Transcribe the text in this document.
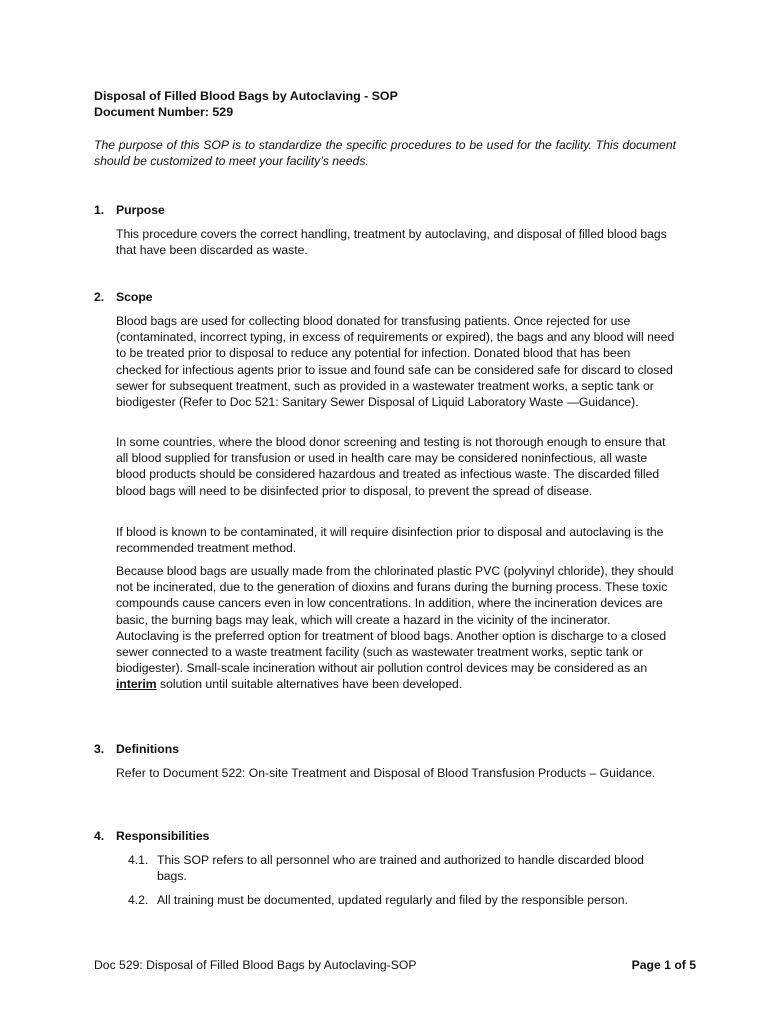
Disposal of Filled Blood Bags by Autoclaving - SOP
Document Number: 529
The purpose of this SOP is to standardize the specific procedures to be used for the facility. This document should be customized to meet your facility’s needs.
1. Purpose
This procedure covers the correct handling, treatment by autoclaving, and disposal of filled blood bags that have been discarded as waste.
2. Scope
Blood bags are used for collecting blood donated for transfusing patients. Once rejected for use (contaminated, incorrect typing, in excess of requirements or expired), the bags and any blood will need to be treated prior to disposal to reduce any potential for infection. Donated blood that has been checked for infectious agents prior to issue and found safe can be considered safe for discard to closed sewer for subsequent treatment, such as provided in a wastewater treatment works, a septic tank or biodigester (Refer to Doc 521: Sanitary Sewer Disposal of Liquid Laboratory Waste —Guidance).
In some countries, where the blood donor screening and testing is not thorough enough to ensure that all blood supplied for transfusion or used in health care may be considered noninfectious, all waste blood products should be considered hazardous and treated as infectious waste. The discarded filled blood bags will need to be disinfected prior to disposal, to prevent the spread of disease.
If blood is known to be contaminated, it will require disinfection prior to disposal and autoclaving is the recommended treatment method.
Because blood bags are usually made from the chlorinated plastic PVC (polyvinyl chloride), they should not be incinerated, due to the generation of dioxins and furans during the burning process. These toxic compounds cause cancers even in low concentrations. In addition, where the incineration devices are basic, the burning bags may leak, which will create a hazard in the vicinity of the incinerator. Autoclaving is the preferred option for treatment of blood bags. Another option is discharge to a closed sewer connected to a waste treatment facility (such as wastewater treatment works, septic tank or biodigester). Small-scale incineration without air pollution control devices may be considered as an interim solution until suitable alternatives have been developed.
3. Definitions
Refer to Document 522: On-site Treatment and Disposal of Blood Transfusion Products – Guidance.
4. Responsibilities
4.1. This SOP refers to all personnel who are trained and authorized to handle discarded blood bags.
4.2. All training must be documented, updated regularly and filed by the responsible person.
Doc 529: Disposal of Filled Blood Bags by Autoclaving-SOP	Page 1 of 5
